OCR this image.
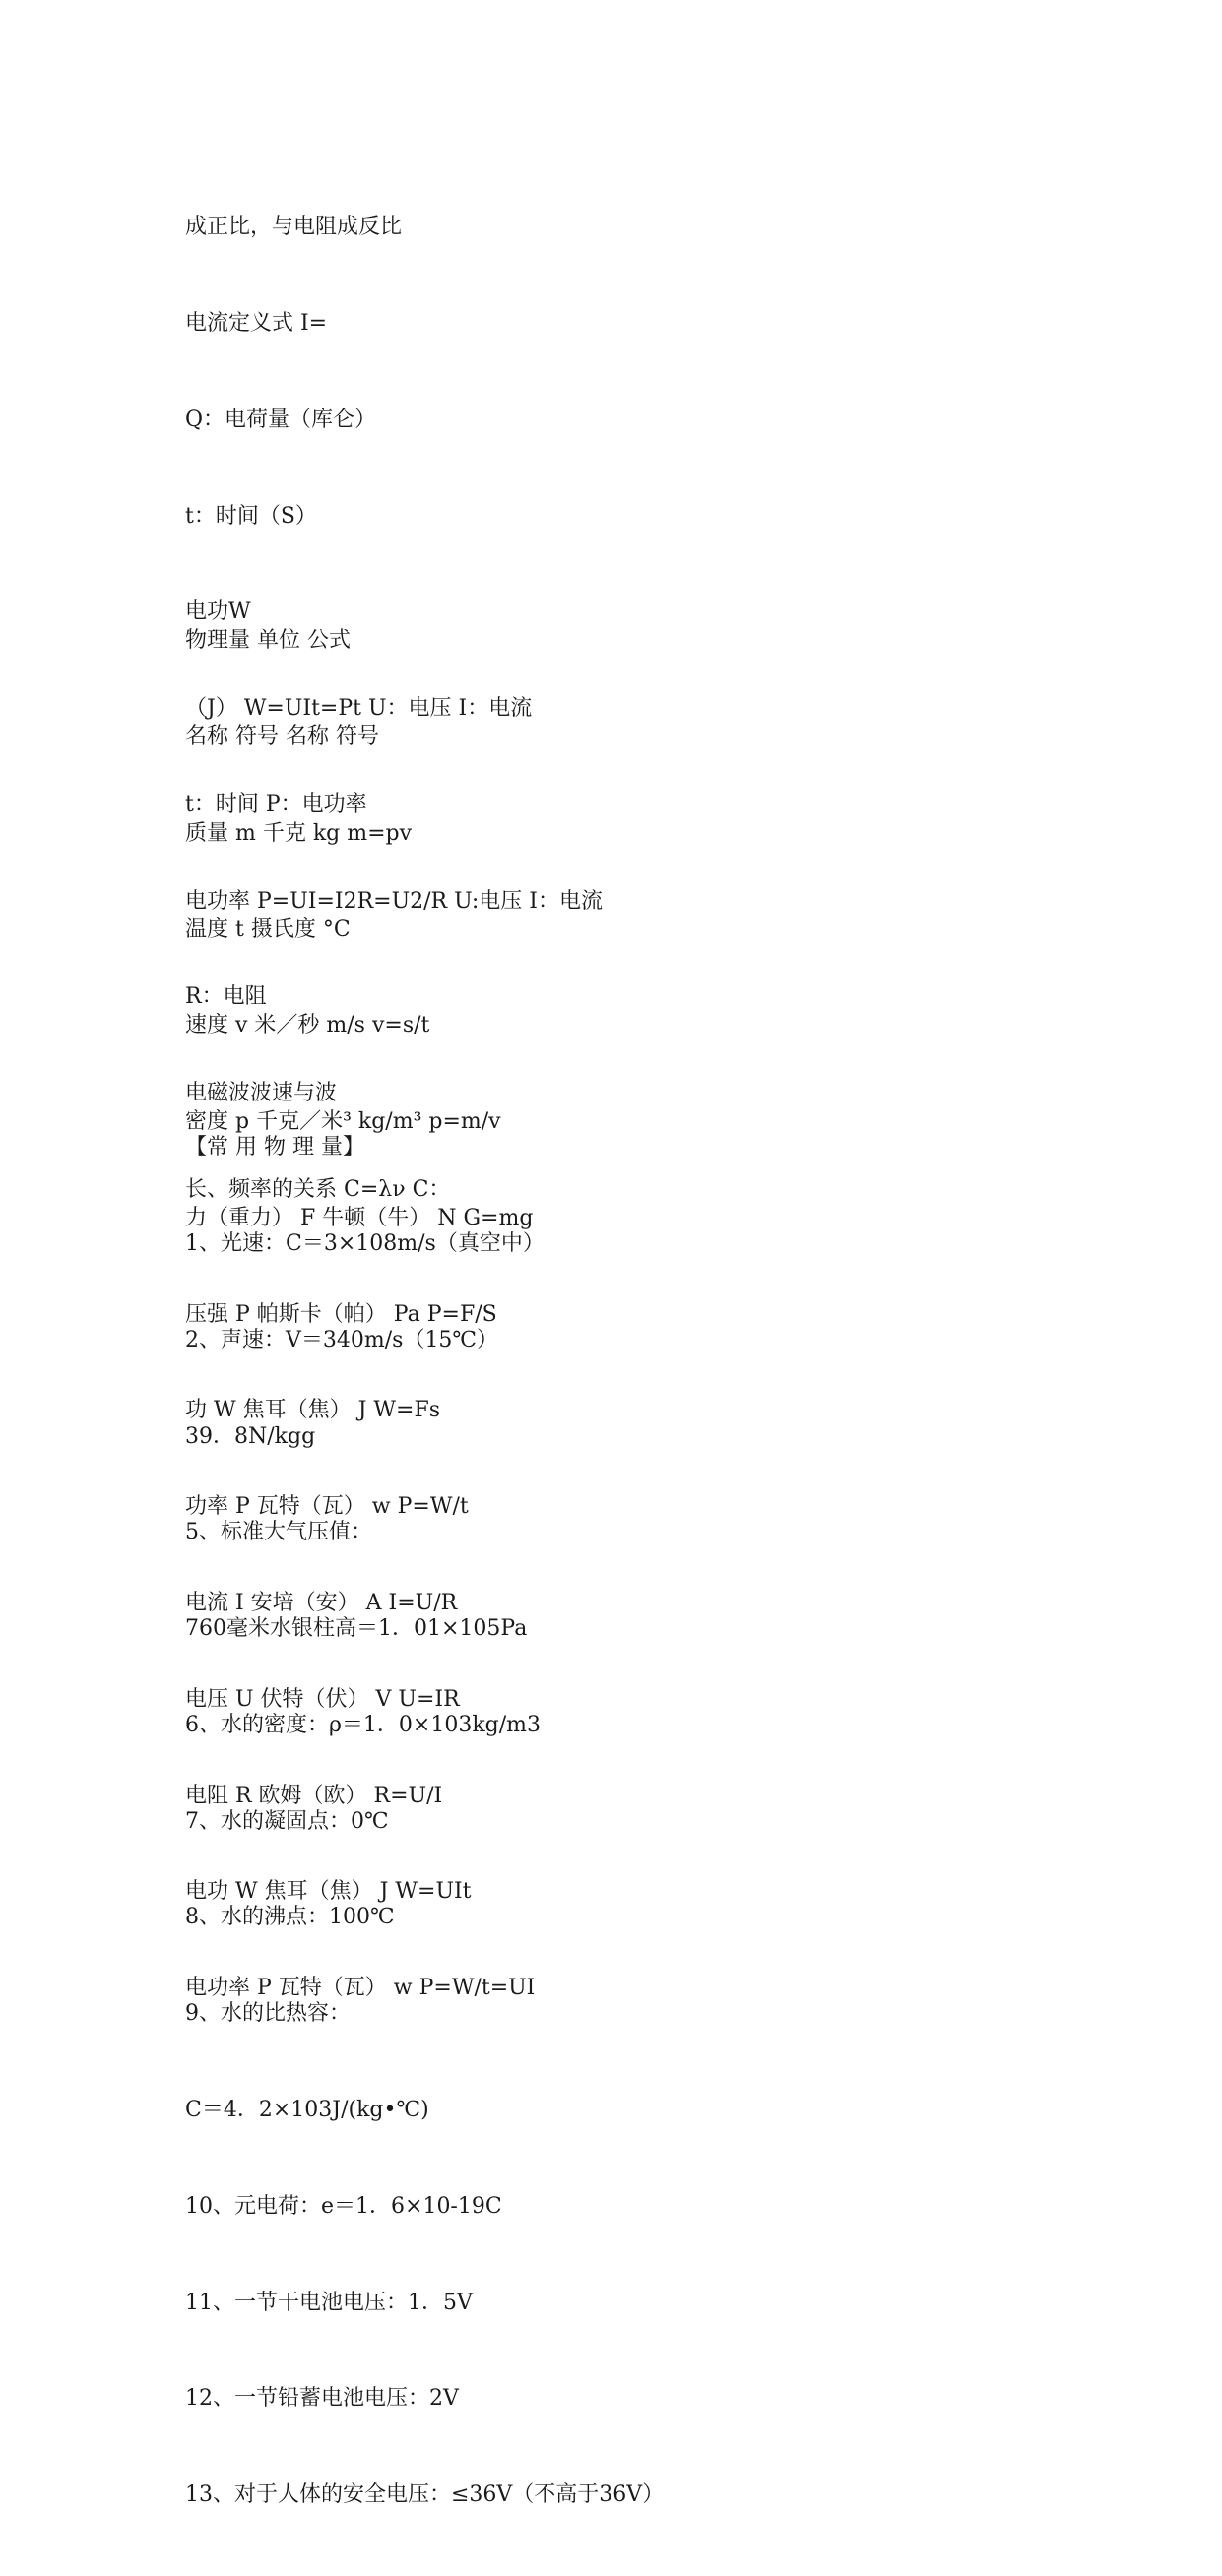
成正比，与电阻成反比

电流定义式 I=

Q：电荷量（库仑）

t：时间（S）

电功W

（J） W=UIt=Pt U：电压 I：电流

t：时间 P：电功率

电功率 P=UI=I2R=U2/R U:电压 I：电流

R：电阻

电磁波波速与波

长、频率的关系 C=λν C：

物理量 单位 公式

名称 符号 名称 符号

质量 m 千克 kg m=pv

温度 t 摄氏度 °C

速度 v 米／秒 m/s v=s/t

密度 p 千克／米³ kg/m³ p=m/v

力（重力） F 牛顿（牛） N G=mg

压强 P 帕斯卡（帕） Pa P=F/S

功 W 焦耳（焦） J W=Fs

功率 P 瓦特（瓦） w P=W/t

电流 I 安培（安） A I=U/R

电压 U 伏特（伏） V U=IR

电阻 R 欧姆（欧） R=U/I

电功 W 焦耳（焦） J W=UIt

电功率 P 瓦特（瓦） w P=W/t=UI

【常 用 物 理 量】

1、光速：C＝3×108m/s（真空中）

2、声速：V＝340m/s（15℃）

39．8N/kgg

5、标准大气压值：

760毫米水银柱高＝1．01×105Pa

6、水的密度：ρ＝1．0×103kg/m3

7、水的凝固点：0℃

8、水的沸点：100℃

9、水的比热容：

C＝4．2×103J/(kg•℃)

10、元电荷：e＝1．6×10-19C

11、一节干电池电压：1．5V

12、一节铅蓄电池电压：2V

13、对于人体的安全电压：≤36V（不高于36V）
